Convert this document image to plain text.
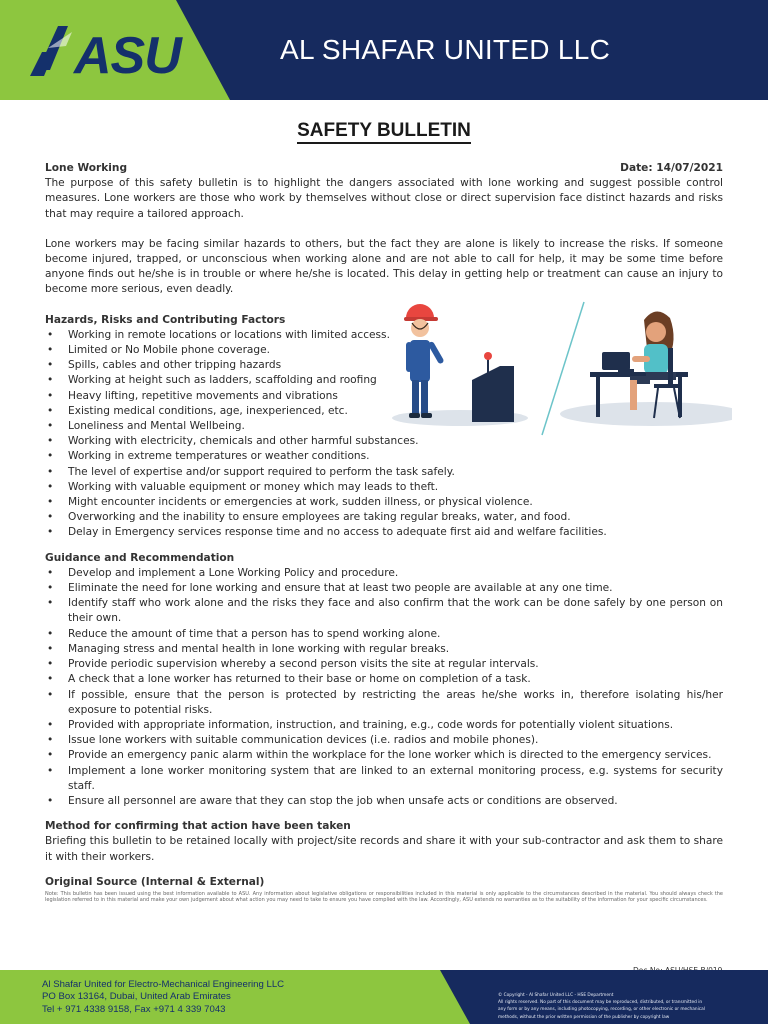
ASU	AL SHAFAR UNITED LLC
SAFETY BULLETIN
Lone Working	Date: 14/07/2021

The purpose of this safety bulletin is to highlight the dangers associated with lone working and suggest possible control measures. Lone workers are those who work by themselves without close or direct supervision face distinct hazards and risks that may require a tailored approach.

Lone workers may be facing similar hazards to others, but the fact they are alone is likely to increase the risks. If someone become injured, trapped, or unconscious when working alone and are not able to call for help, it may be some time before anyone finds out he/she is in trouble or where he/she is located. This delay in getting help or treatment can cause an injury to become more serious, even deadly.

Hazards, Risks and Contributing Factors
• Working in remote locations or locations with limited access.
• Limited or No Mobile phone coverage.
• Spills, cables and other tripping hazards
• Working at height such as ladders, scaffolding and roofing
• Heavy lifting, repetitive movements and vibrations
• Existing medical conditions, age, inexperienced, etc.
• Loneliness and Mental Wellbeing.
• Working with electricity, chemicals and other harmful substances.
• Working in extreme temperatures or weather conditions.
• The level of expertise and/or support required to perform the task safely.
• Working with valuable equipment or money which may leads to theft.
• Might encounter incidents or emergencies at work, sudden illness, or physical violence.
• Overworking and the inability to ensure employees are taking regular breaks, water, and food.
• Delay in Emergency services response time and no access to adequate first aid and welfare facilities.
Guidance and Recommendation
• Develop and implement a Lone Working Policy and procedure.
• Eliminate the need for lone working and ensure that at least two people are available at any one time.
• Identify staff who work alone and the risks they face and also confirm that the work can be done safely by one person on their own.
• Reduce the amount of time that a person has to spend working alone.
• Managing stress and mental health in lone working with regular breaks.
• Provide periodic supervision whereby a second person visits the site at regular intervals.
• A check that a lone worker has returned to their base or home on completion of a task.
• If possible, ensure that the person is protected by restricting the areas he/she works in, therefore isolating his/her exposure to potential risks.
• Provided with appropriate information, instruction, and training, e.g., code words for potentially violent situations.
• Issue lone workers with suitable communication devices (i.e. radios and mobile phones).
• Provide an emergency panic alarm within the workplace for the lone worker which is directed to the emergency services.
• Implement a lone worker monitoring system that are linked to an external monitoring process, e.g. systems for security staff.
• Ensure all personnel are aware that they can stop the job when unsafe acts or conditions are observed.
Method for confirming that action have been taken

Briefing this bulletin to be retained locally with project/site records and share it with your sub-contractor and ask them to share it with their workers.

Original Source (Internal & External)

Note: This bulletin has been issued using the best information available to ASU. Any information about legislative obligations or responsibilities included in this material is only applicable to the circumstances described in the material. You should always check the legislation referred to in this material and make your own judgement about what action you may need to take to ensure you have complied with the law. Accordingly, ASU extends no warranties as to the suitability of the information for your specific circumstances.

Al Shafar United for Electro-Mechanical Engineering LLC
PO Box 13164, Dubai, United Arab Emirates
Tel + 971 4338 9158, Fax +971 4 339 7043
© Copyright - Al Shafar United LLC - HSE Department
All rights reserved. No part of this document may be reproduced, distributed, or transmitted in
any form or by any means, including photocopying, recording, or other electronic or mechanical
methods, without the prior written permission of the publisher by copyright law
